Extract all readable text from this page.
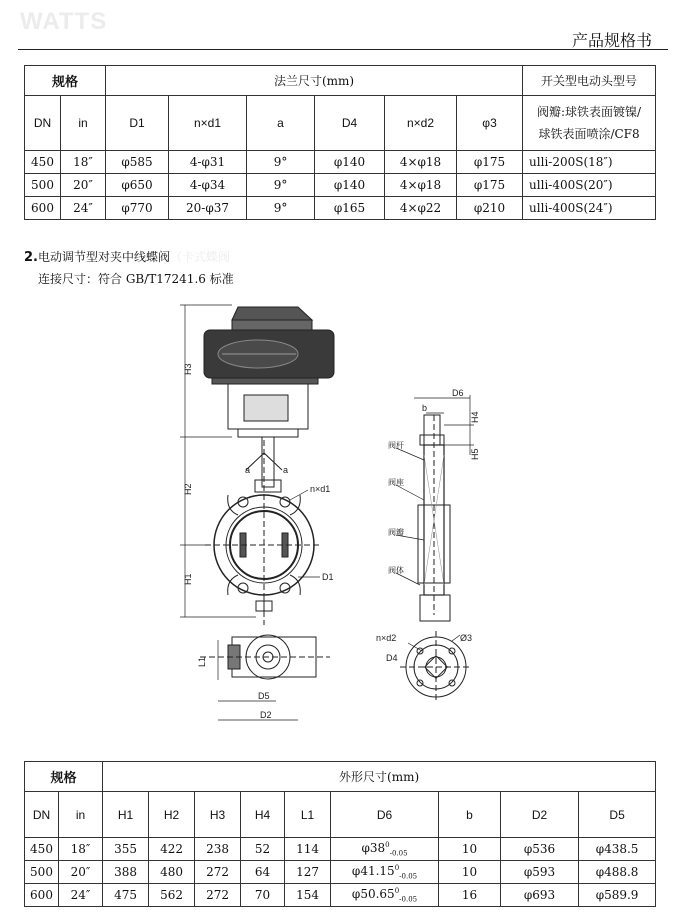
WATTS
产品规格书
规格		法兰尺寸(mm)						开关型电动头型号
DN	in	D1	n×d1	a	D4	n×d2	φ3	阀瓣:球铁表面镀镍/
球铁表面喷涂/CF8

450	18″	φ585	4-φ31	9°	φ140	4×φ18	φ175	ulli-200S(18″)
500	20″	φ650	4-φ34	9°	φ140	4×φ18	φ175	ulli-400S(20″)
600	24″	φ770	20-φ37	9°	φ165	4×φ22	φ210	ulli-400S(24″)
2.电动调节型对夹中线蝶阀（卡式蝶阀
连接尺寸：符合 GB/T17241.6 标准
H3
H2
H1
a	a
n×d1
D1
D6
b
H4
H5
阀杆
阀座
阀瓣
阀体
L1
D5
D2
n×d2	Ø3
D4
规格		外形尺寸(mm)								
DN	in	H1	H2	H3	H4	L1	D6	b	D2	D5
450	18″	355	422	238	52	114	$\varphi 38^0_{-0.05}$	10	φ536	φ438.5
500	20″	388	480	272	64	127	$\varphi 41.15^0_{-0.05}$	10	φ593	φ488.8
600	24″	475	562	272	70	154	$\varphi 50.65^0_{-0.05}$	16	φ693	φ589.9
